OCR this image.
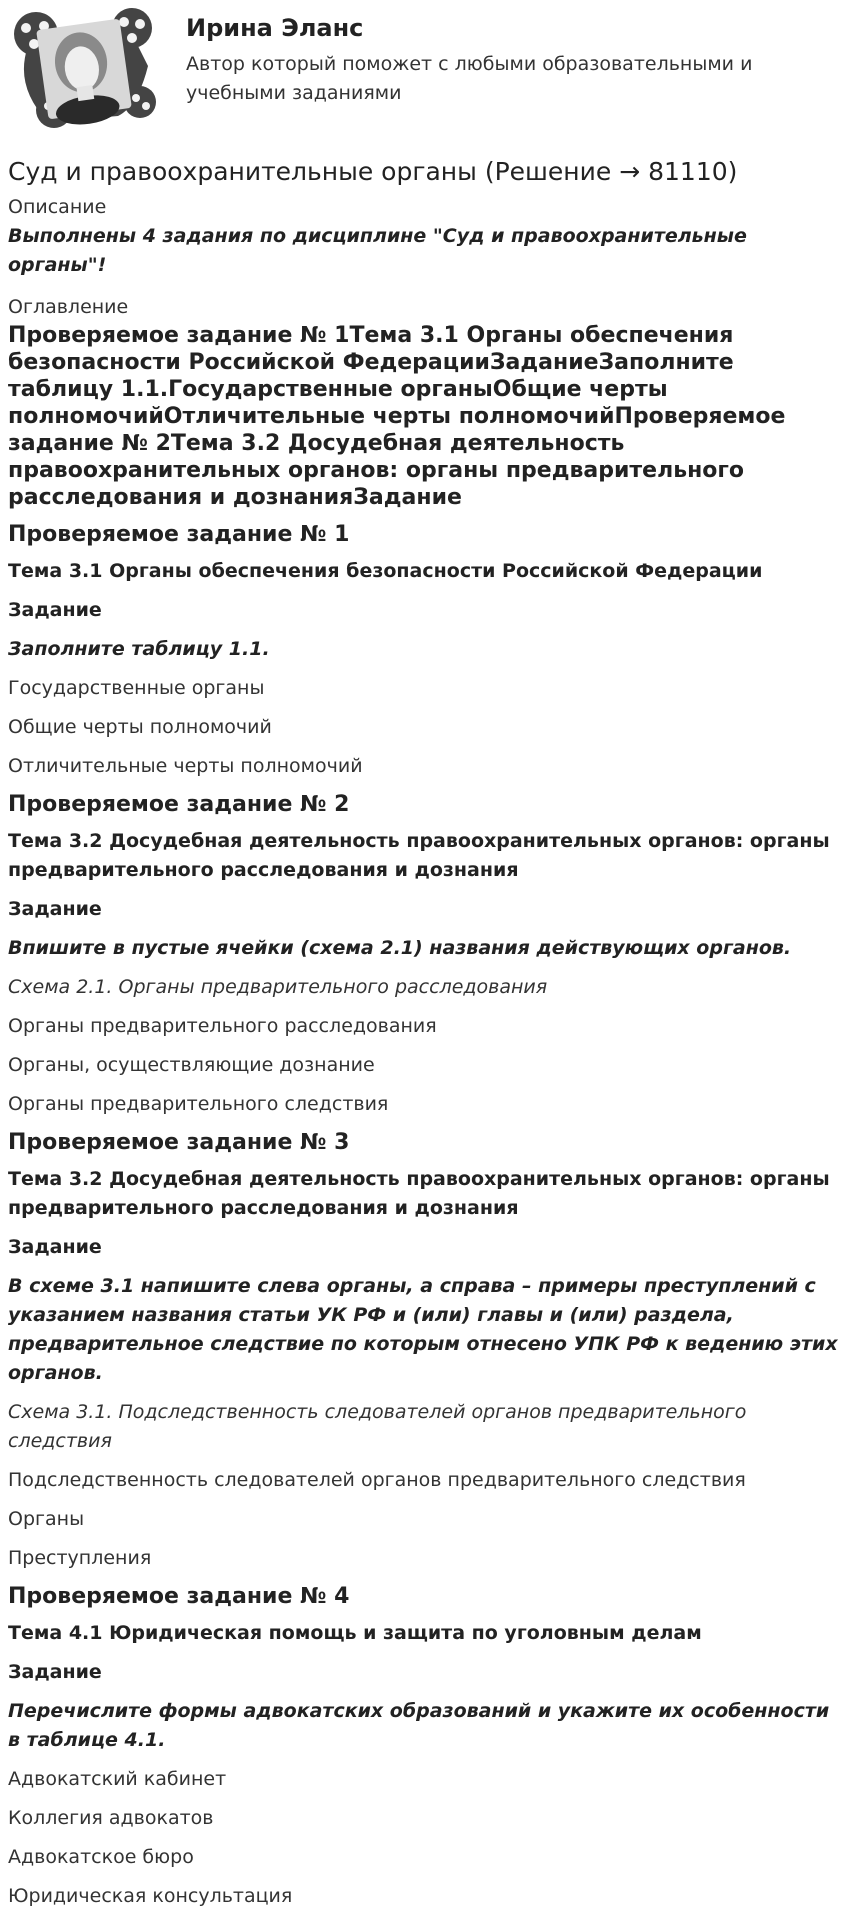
Ирина Эланс

Автор который поможет с любыми образовательными и учебными заданиями

Суд и правоохранительные органы (Решение → 81110)

Описание

Выполнены 4 задания по дисциплине "Суд и правоохранительные органы"!

Оглавление

Проверяемое задание № 1Тема 3.1 Органы обеспечения безопасности Российской ФедерацииЗаданиеЗаполните таблицу 1.1.Государственные органыОбщие черты полномочийОтличительные черты полномочийПроверяемое задание № 2Тема 3.2 Досудебная деятельность правоохранительных органов: органы предварительного расследования и дознанияЗадание

Проверяемое задание № 1

Тема 3.1 Органы обеспечения безопасности Российской Федерации

Задание

Заполните таблицу 1.1.

Государственные органы

Общие черты полномочий

Отличительные черты полномочий

Проверяемое задание № 2

Тема 3.2 Досудебная деятельность правоохранительных органов: органы предварительного расследования и дознания

Задание

Впишите в пустые ячейки (схема 2.1) названия действующих органов.

Схема 2.1. Органы предварительного расследования

Органы предварительного расследования

Органы, осуществляющие дознание

Органы предварительного следствия

Проверяемое задание № 3

Тема 3.2 Досудебная деятельность правоохранительных органов: органы предварительного расследования и дознания

Задание

В схеме 3.1 напишите слева органы, а справа – примеры преступлений с указанием названия статьи УК РФ и (или) главы и (или) раздела, предварительное следствие по которым отнесено УПК РФ к ведению этих органов.

Схема 3.1. Подследственность следователей органов предварительного следствия

Подследственность следователей органов предварительного следствия

Органы

Преступления

Проверяемое задание № 4

Тема 4.1 Юридическая помощь и защита по уголовным делам

Задание

Перечислите формы адвокатских образований и укажите их особенности в таблице 4.1.

Адвокатский кабинет

Коллегия адвокатов

Адвокатское бюро

Юридическая консультация
